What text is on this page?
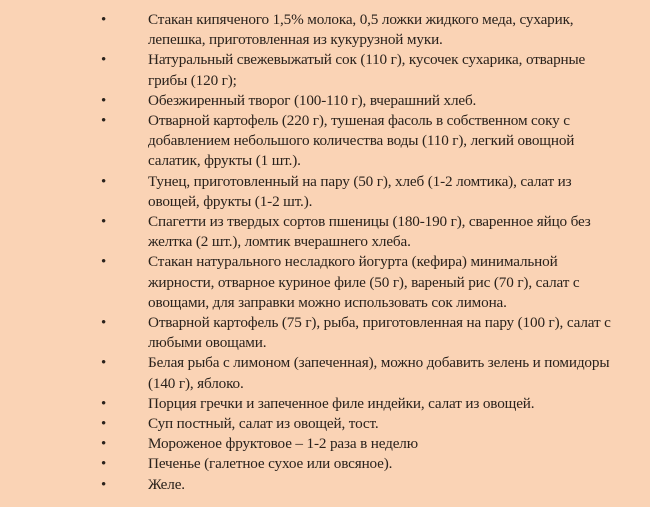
•	Стакан кипяченого 1,5% молока, 0,5 ложки жидкого меда, сухарик,
лепешка, приготовленная из кукурузной муки.
•	Натуральный свежевыжатый сок (110 г), кусочек сухарика, отварные
грибы (120 г);
•	Обезжиренный творог (100-110 г), вчерашний хлеб.
•	Отварной картофель (220 г), тушеная фасоль в собственном соку с
добавлением небольшого количества воды (110 г), легкий овощной
салатик, фрукты (1 шт.).
•	Тунец, приготовленный на пару (50 г), хлеб (1-2 ломтика), салат из
овощей, фрукты (1-2 шт.).
•	Спагетти из твердых сортов пшеницы (180-190 г), сваренное яйцо без
желтка (2 шт.), ломтик вчерашнего хлеба.
•	Стакан натурального несладкого йогурта (кефира) минимальной
жирности, отварное куриное филе (50 г), вареный рис (70 г), салат с
овощами, для заправки можно использовать сок лимона.
•	Отварной картофель (75 г), рыба, приготовленная на пару (100 г), салат с
любыми овощами.
•	Белая рыба с лимоном (запеченная), можно добавить зелень и помидоры
(140 г), яблоко.
•	Порция гречки и запеченное филе индейки, салат из овощей.
•	Суп постный, салат из овощей, тост.
•	Мороженое фруктовое – 1-2 раза в неделю
•	Печенье (галетное сухое или овсяное).
•	Желе.
